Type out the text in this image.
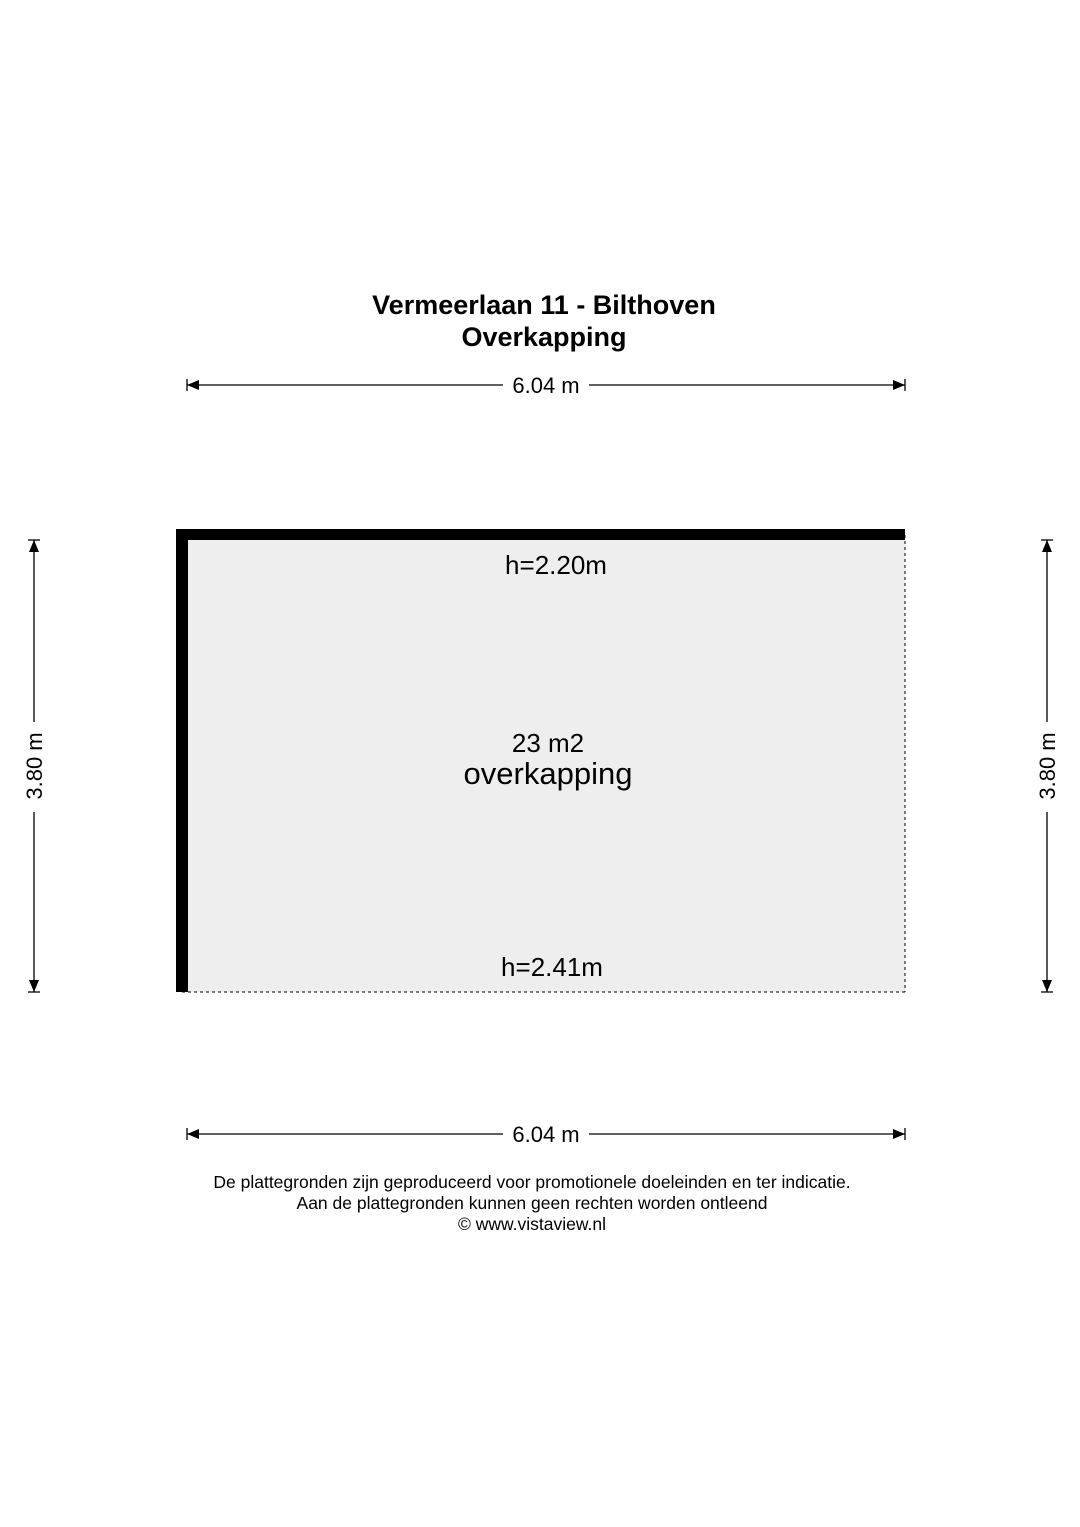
Vermeerlaan 11 - Bilthoven
Overkapping
6.04 m
6.04 m
3.80 m	3.80 m
h=2.20m
23 m2
overkapping
h=2.41m
De plattegronden zijn geproduceerd voor promotionele doeleinden en ter indicatie.
Aan de plattegronden kunnen geen rechten worden ontleend
© www.vistaview.nl
